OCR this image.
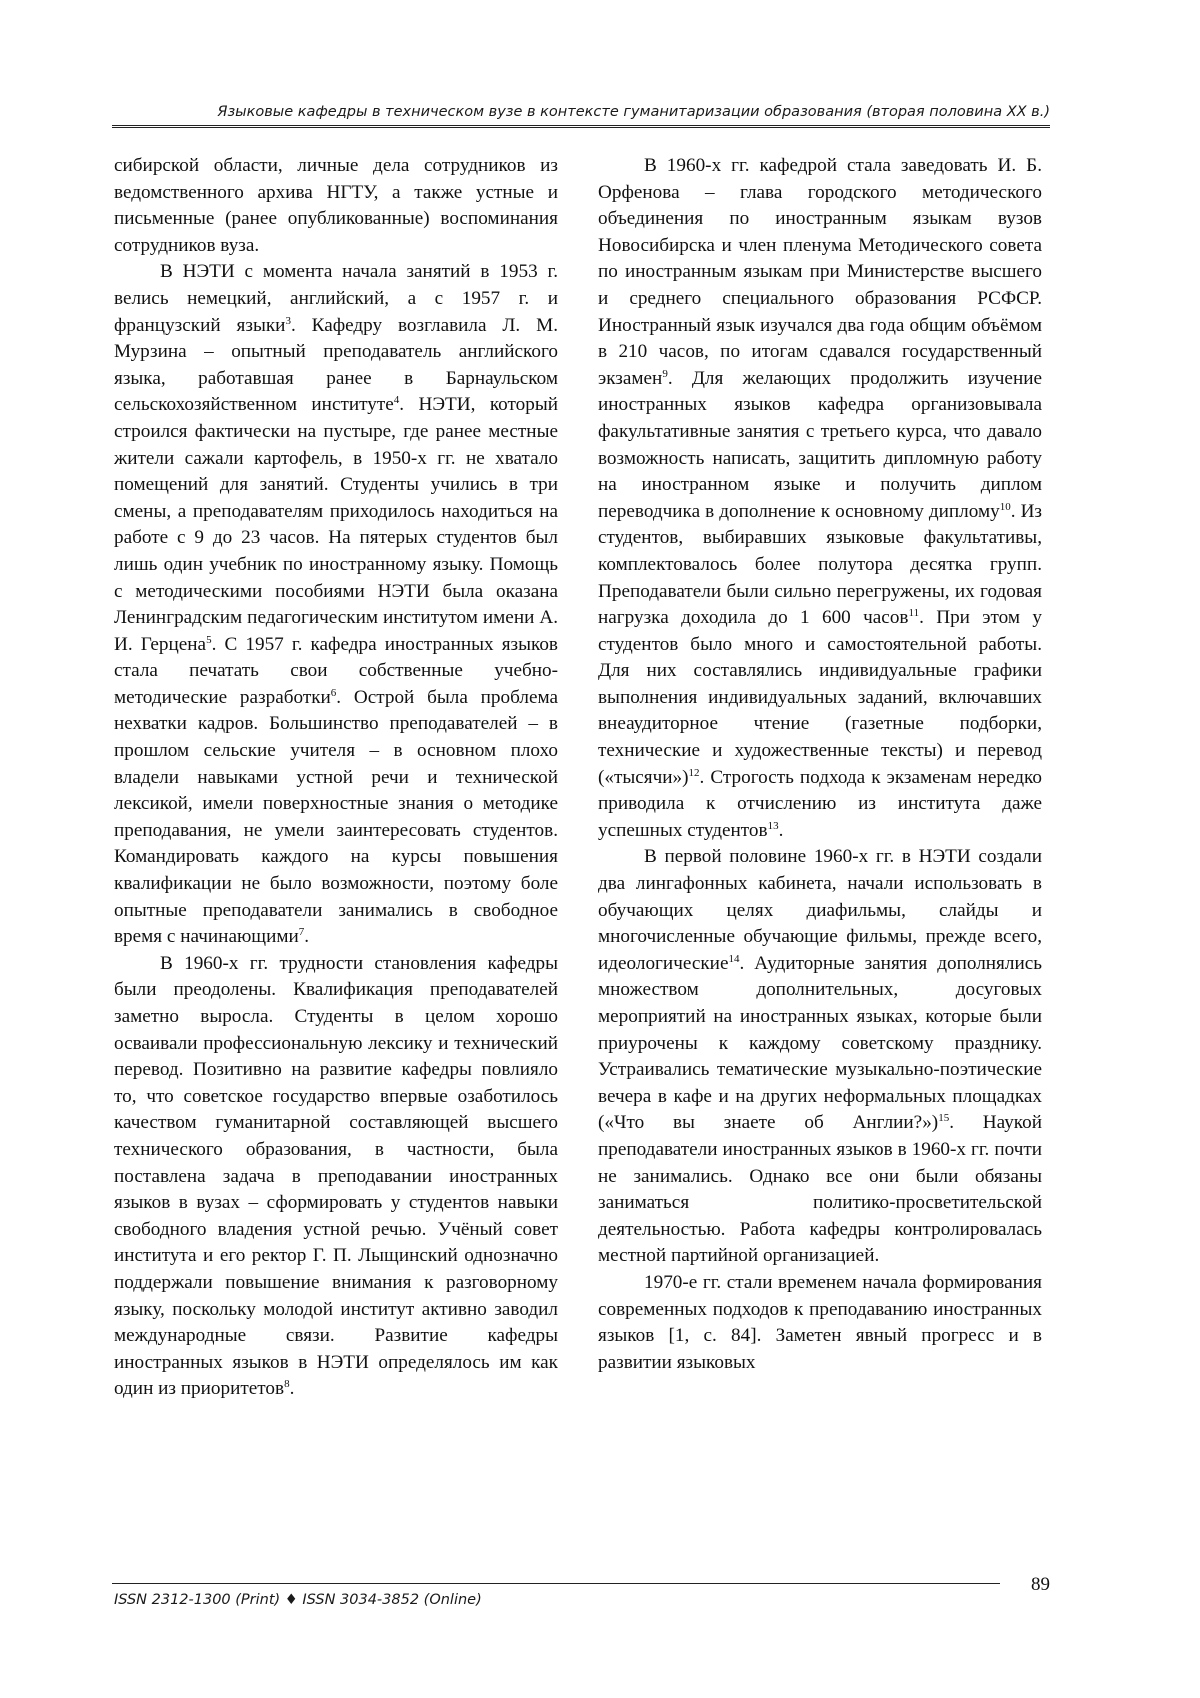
Языковые кафедры в техническом вузе в контексте гуманитаризации образования (вторая половина XX в.)

сибирской области, личные дела сотрудников из ведомственного архива НГТУ, а также устные и письменные (ранее опубликованные) воспоминания сотрудников вуза.

В НЭТИ с момента начала занятий в 1953 г. велись немецкий, английский, а с 1957 г. и французский языки$^3$. Кафедру возглавила Л. М. Мурзина – опытный преподаватель английского языка, работавшая ранее в Барнаульском сельскохозяйственном институте$^4$. НЭТИ, который строился фактически на пустыре, где ранее местные жители сажали картофель, в 1950-х гг. не хватало помещений для занятий. Студенты учились в три смены, а преподавателям приходилось находиться на работе с 9 до 23 часов. На пятерых студентов был лишь один учебник по иностранному языку. Помощь с методическими пособиями НЭТИ была оказана Ленинградским педагогическим институтом имени А. И. Герцена$^5$. С 1957 г. кафедра иностранных языков стала печатать свои собственные учебно-методические разработки$^6$. Острой была проблема нехватки кадров. Большинство преподавателей – в прошлом сельские учителя – в основном плохо владели навыками устной речи и технической лексикой, имели поверхностные знания о методике преподавания, не умели заинтересовать студентов. Командировать каждого на курсы повышения квалификации не было возможности, поэтому боле опытные преподаватели занимались в свободное время с начинающими$^7$.

В 1960-х гг. трудности становления кафедры были преодолены. Квалификация преподавателей заметно выросла. Студенты в целом хорошо осваивали профессиональную лексику и технический перевод. Позитивно на развитие кафедры повлияло то, что советское государство впервые озаботилось качеством гуманитарной составляющей высшего технического образования, в частности, была поставлена задача в преподавании иностранных языков в вузах – сформировать у студентов навыки свободного владения устной речью. Учёный совет института и его ректор Г. П. Лыщинский однозначно поддержали повышение внимания к разговорному языку, поскольку молодой институт активно заводил международные связи. Развитие кафедры иностранных языков в НЭТИ определялось им как один из приоритетов$^8$.

В 1960-х гг. кафедрой стала заведовать И. Б. Орфенова – глава городского методического объединения по иностранным языкам вузов Новосибирска и член пленума Методического совета по иностранным языкам при Министерстве высшего и среднего специального образования РСФСР. Иностранный язык изучался два года общим объёмом в 210 часов, по итогам сдавался государственный экзамен$^9$. Для желающих продолжить изучение иностранных языков кафедра организовывала факультативные занятия с третьего курса, что давало возможность написать, защитить дипломную работу на иностранном языке и получить диплом переводчика в дополнение к основному диплому$^{10}$. Из студентов, выбиравших языковые факультативы, комплектовалось более полутора десятка групп. Преподаватели были сильно перегружены, их годовая нагрузка доходила до 1 600 часов$^{11}$. При этом у студентов было много и самостоятельной работы. Для них составлялись индивидуальные графики выполнения индивидуальных заданий, включавших внеаудиторное чтение (газетные подборки, технические и художественные тексты) и перевод («тысячи»)$^{12}$. Строгость подхода к экзаменам нередко приводила к отчислению из института даже успешных студентов$^{13}$.

В первой половине 1960-х гг. в НЭТИ создали два лингафонных кабинета, начали использовать в обучающих целях диафильмы, слайды и многочисленные обучающие фильмы, прежде всего, идеологические$^{14}$. Аудиторные занятия дополнялись множеством дополнительных, досуговых мероприятий на иностранных языках, которые были приурочены к каждому советскому празднику. Устраивались тематические музыкально-поэтические вечера в кафе и на других неформальных площадках («Что вы знаете об Англии?»)$^{15}$. Наукой преподаватели иностранных языков в 1960-х гг. почти не занимались. Однако все они были обязаны заниматься политико-просветительской деятельностью. Работа кафедры контролировалась местной партийной организацией.

1970-е гг. стали временем начала формирования современных подходов к преподаванию иностранных языков [1, с. 84]. Заметен явный прогресс и в развитии языковых

ISSN 2312-1300 (Print) ♦ ISSN 3034-3852 (Online)
89
